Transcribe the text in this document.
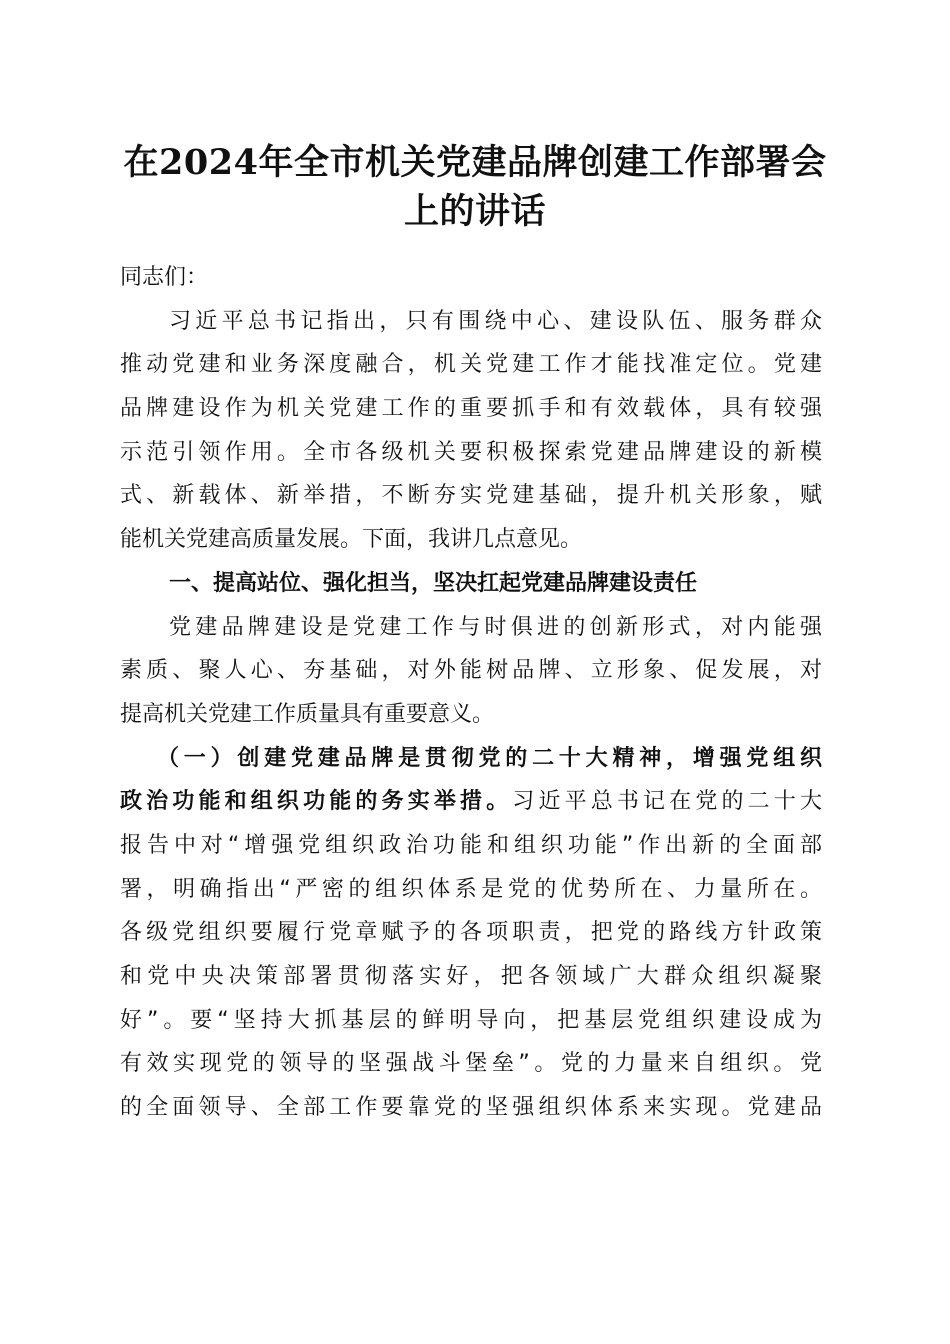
在2024年全市机关党建品牌创建工作部署会
上的讲话
同志们：
习近平总书记指出，只有围绕中心、建设队伍、服务群众
推动党建和业务深度融合，机关党建工作才能找准定位。党建
品牌建设作为机关党建工作的重要抓手和有效载体，具有较强
示范引领作用。全市各级机关要积极探索党建品牌建设的新模
式、新载体、新举措，不断夯实党建基础，提升机关形象，赋
能机关党建高质量发展。下面，我讲几点意见。
一、提高站位、强化担当，坚决扛起党建品牌建设责任
党建品牌建设是党建工作与时俱进的创新形式，对内能强
素质、聚人心、夯基础，对外能树品牌、立形象、促发展，对
提高机关党建工作质量具有重要意义。
（一）创建党建品牌是贯彻党的二十大精神，增强党组织
政治功能和组织功能的务实举措。习近平总书记在党的二十大
报告中对“增强党组织政治功能和组织功能”作出新的全面部
署，明确指出“严密的组织体系是党的优势所在、力量所在。
各级党组织要履行党章赋予的各项职责，把党的路线方针政策
和党中央决策部署贯彻落实好，把各领域广大群众组织凝聚
好”。要“坚持大抓基层的鲜明导向，把基层党组织建设成为
有效实现党的领导的坚强战斗堡垒”。党的力量来自组织。党
的全面领导、全部工作要靠党的坚强组织体系来实现。党建品
